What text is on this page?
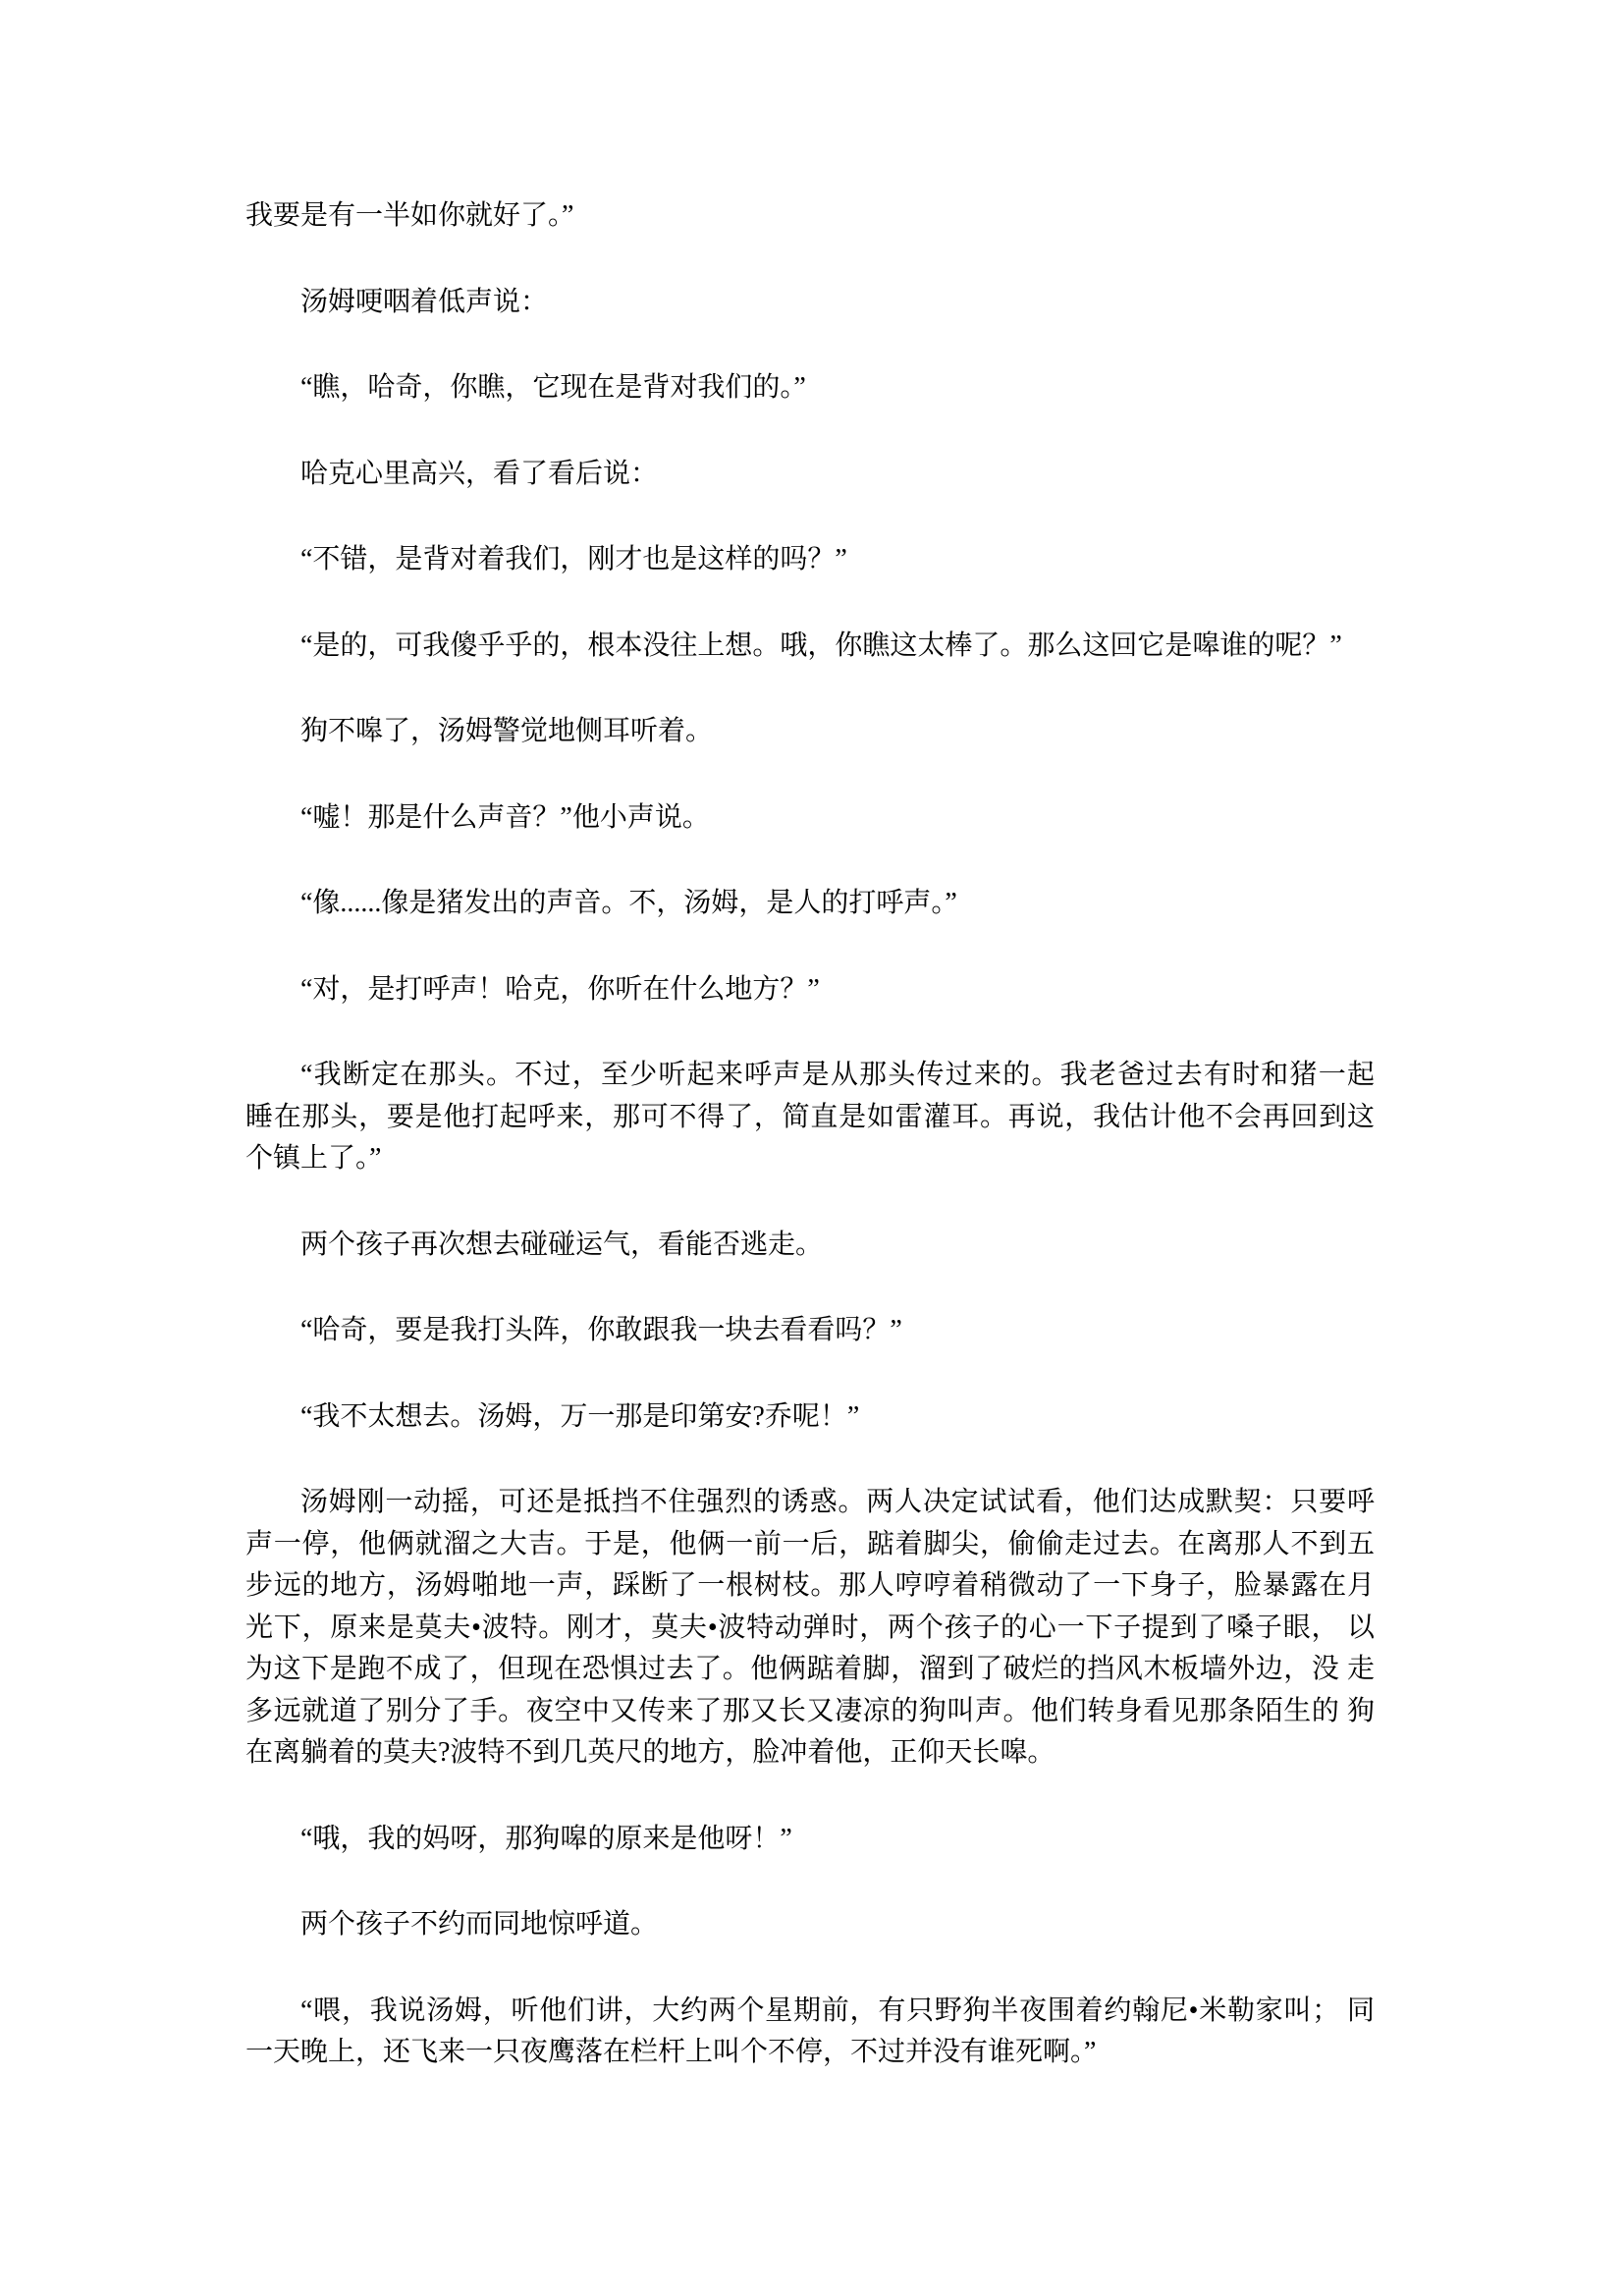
我要是有一半如你就好了。”
汤姆哽咽着低声说：
“瞧，哈奇，你瞧，它现在是背对我们的。”
哈克心里高兴，看了看后说：
“不错，是背对着我们，刚才也是这样的吗？”
“是的，可我傻乎乎的，根本没往上想。哦，你瞧这太棒了。那么这回它是嗥谁的呢？”
狗不嗥了，汤姆警觉地侧耳听着。
“嘘！那是什么声音？”他小声说。
“像......像是猪发出的声音。不，汤姆，是人的打呼声。”
“对，是打呼声！哈克，你听在什么地方？”
“我断定在那头。不过，至少听起来呼声是从那头传过来的。我老爸过去有时和猪一起
睡在那头，要是他打起呼来，那可不得了，简直是如雷灌耳。再说，我估计他不会再回到这
个镇上了。”
两个孩子再次想去碰碰运气，看能否逃走。
“哈奇，要是我打头阵，你敢跟我一块去看看吗？”
“我不太想去。汤姆，万一那是印第安?乔呢！”
汤姆刚一动摇，可还是抵挡不住强烈的诱惑。两人决定试试看，他们达成默契：只要呼
声一停，他俩就溜之大吉。于是，他俩一前一后，踮着脚尖，偷偷走过去。在离那人不到五
步远的地方，汤姆啪地一声，踩断了一根树枝。那人哼哼着稍微动了一下身子，脸暴露在月
光下，原来是莫夫•波特。刚才，莫夫•波特动弹时，两个孩子的心一下子提到了嗓子眼， 以
为这下是跑不成了，但现在恐惧过去了。他俩踮着脚，溜到了破烂的挡风木板墙外边，没 走
多远就道了别分了手。夜空中又传来了那又长又凄凉的狗叫声。他们转身看见那条陌生的 狗
在离躺着的莫夫?波特不到几英尺的地方，脸冲着他，正仰天长嗥。
“哦，我的妈呀，那狗嗥的原来是他呀！”
两个孩子不约而同地惊呼道。
“喂，我说汤姆，听他们讲，大约两个星期前，有只野狗半夜围着约翰尼•米勒家叫； 同
一天晚上，还飞来一只夜鹰落在栏杆上叫个不停，不过并没有谁死啊。”
